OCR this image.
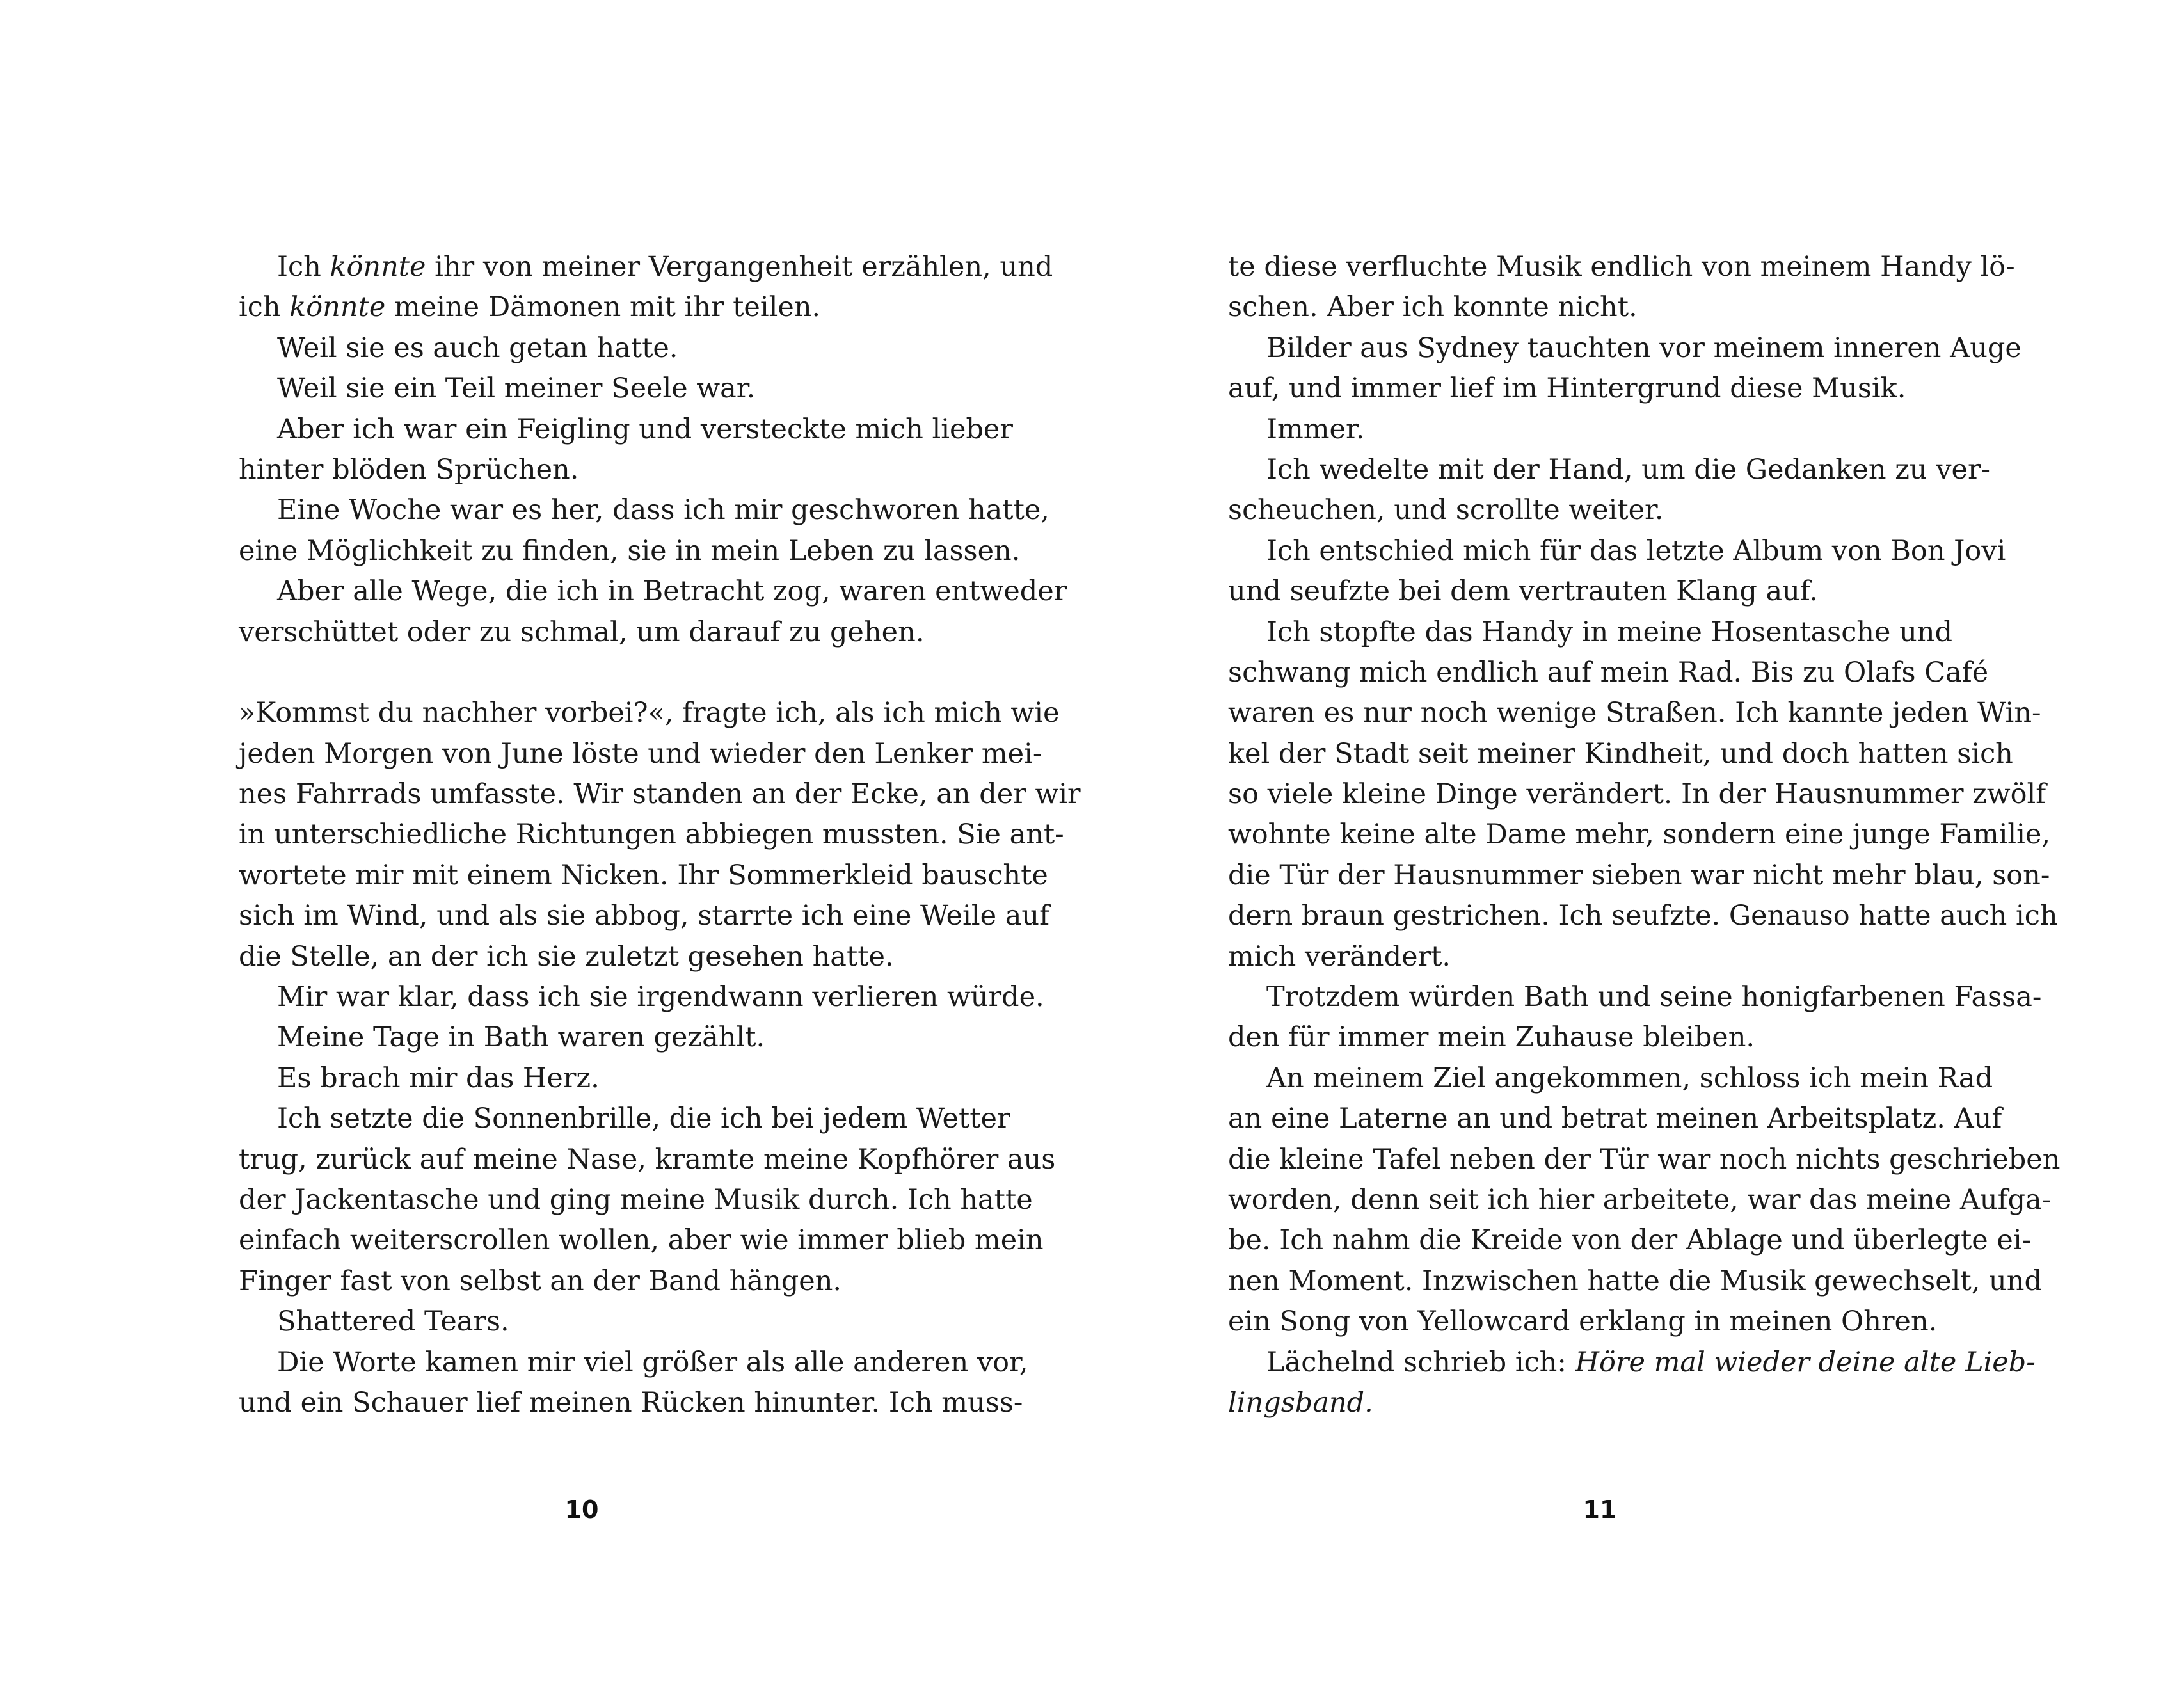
Ich könnte ihr von meiner Vergangenheit erzählen, und
ich könnte meine Dämonen mit ihr teilen.
Weil sie es auch getan hatte.
Weil sie ein Teil meiner Seele war.
Aber ich war ein Feigling und versteckte mich lieber
hinter blöden Sprüchen.
Eine Woche war es her, dass ich mir geschworen hatte,
eine Möglichkeit zu finden, sie in mein Leben zu lassen.
Aber alle Wege, die ich in Betracht zog, waren entweder
verschüttet oder zu schmal, um darauf zu gehen.
»Kommst du nachher vorbei?«, fragte ich, als ich mich wie
jeden Morgen von June löste und wieder den Lenker mei-
nes Fahrrads umfasste. Wir standen an der Ecke, an der wir
in unterschiedliche Richtungen abbiegen mussten. Sie ant-
wortete mir mit einem Nicken. Ihr Sommerkleid bauschte
sich im Wind, und als sie abbog, starrte ich eine Weile auf
die Stelle, an der ich sie zuletzt gesehen hatte.
Mir war klar, dass ich sie irgendwann verlieren würde.
Meine Tage in Bath waren gezählt.
Es brach mir das Herz.
Ich setzte die Sonnenbrille, die ich bei jedem Wetter
trug, zurück auf meine Nase, kramte meine Kopfhörer aus
der Jackentasche und ging meine Musik durch. Ich hatte
einfach weiterscrollen wollen, aber wie immer blieb mein
Finger fast von selbst an der Band hängen.
Shattered Tears.
Die Worte kamen mir viel größer als alle anderen vor,
und ein Schauer lief meinen Rücken hinunter. Ich muss-
10
te diese verfluchte Musik endlich von meinem Handy lö-
schen. Aber ich konnte nicht.
Bilder aus Sydney tauchten vor meinem inneren Auge
auf, und immer lief im Hintergrund diese Musik.
Immer.
Ich wedelte mit der Hand, um die Gedanken zu ver-
scheuchen, und scrollte weiter.
Ich entschied mich für das letzte Album von Bon Jovi
und seufzte bei dem vertrauten Klang auf.
Ich stopfte das Handy in meine Hosentasche und
schwang mich endlich auf mein Rad. Bis zu Olafs Café
waren es nur noch wenige Straßen. Ich kannte jeden Win-
kel der Stadt seit meiner Kindheit, und doch hatten sich
so viele kleine Dinge verändert. In der Hausnummer zwölf
wohnte keine alte Dame mehr, sondern eine junge Familie,
die Tür der Hausnummer sieben war nicht mehr blau, son-
dern braun gestrichen. Ich seufzte. Genauso hatte auch ich
mich verändert.
Trotzdem würden Bath und seine honigfarbenen Fassa-
den für immer mein Zuhause bleiben.
An meinem Ziel angekommen, schloss ich mein Rad
an eine Laterne an und betrat meinen Arbeitsplatz. Auf
die kleine Tafel neben der Tür war noch nichts geschrieben
worden, denn seit ich hier arbeitete, war das meine Aufga-
be. Ich nahm die Kreide von der Ablage und überlegte ei-
nen Moment. Inzwischen hatte die Musik gewechselt, und
ein Song von Yellowcard erklang in meinen Ohren.
Lächelnd schrieb ich: Höre mal wieder deine alte Lieb-
lingsband.
11
